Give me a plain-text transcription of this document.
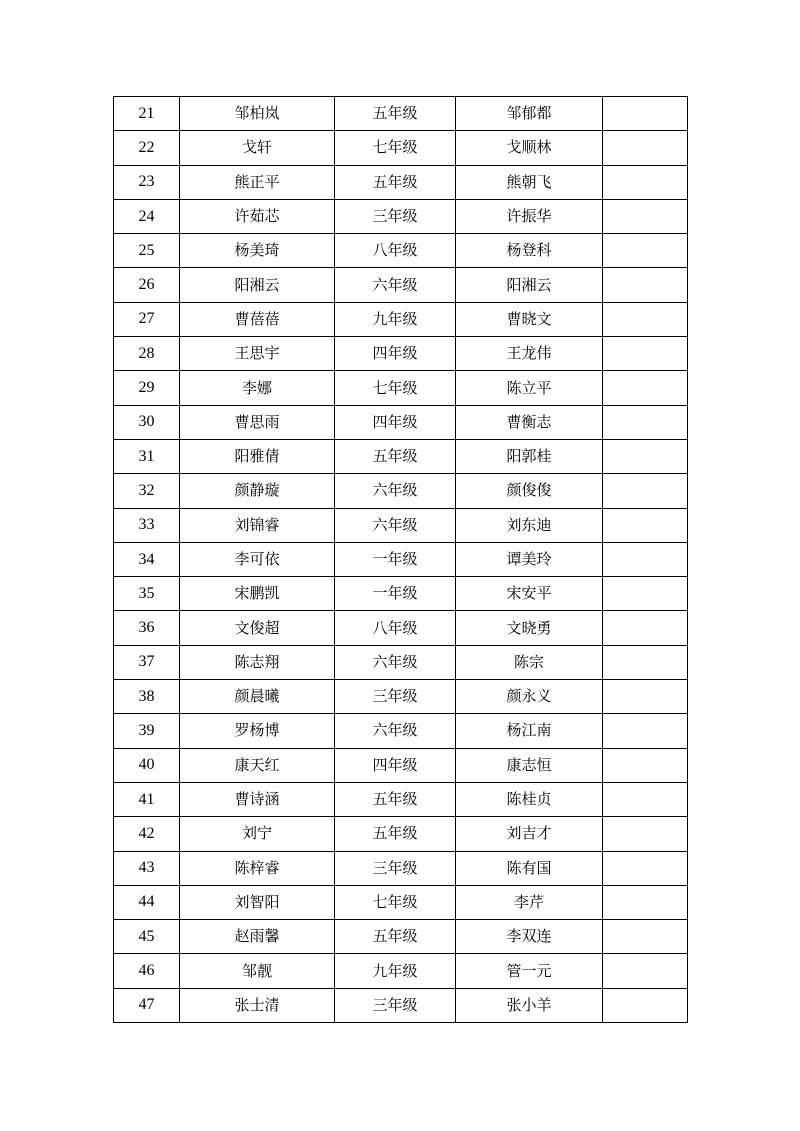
21	邹柏岚	五年级	邹郁都	
22	戈轩	七年级	戈顺林	
23	熊正平	五年级	熊朝飞	
24	许茹芯	三年级	许振华	
25	杨美琦	八年级	杨登科	
26	阳湘云	六年级	阳湘云	
27	曹蓓蓓	九年级	曹晓文	
28	王思宇	四年级	王龙伟	
29	李娜	七年级	陈立平	
30	曹思雨	四年级	曹衡志	
31	阳雅倩	五年级	阳郭桂	
32	颜静璇	六年级	颜俊俊	
33	刘锦睿	六年级	刘东迪	
34	李可依	一年级	谭美玲	
35	宋鹏凯	一年级	宋安平	
36	文俊超	八年级	文晓勇	
37	陈志翔	六年级	陈宗	
38	颜晨曦	三年级	颜永义	
39	罗杨博	六年级	杨江南	
40	康天红	四年级	康志恒	
41	曹诗涵	五年级	陈桂贞	
42	刘宁	五年级	刘吉才	
43	陈梓睿	三年级	陈有国	
44	刘智阳	七年级	李芹	
45	赵雨馨	五年级	李双连	
46	邹靓	九年级	管一元	
47	张士清	三年级	张小羊	
